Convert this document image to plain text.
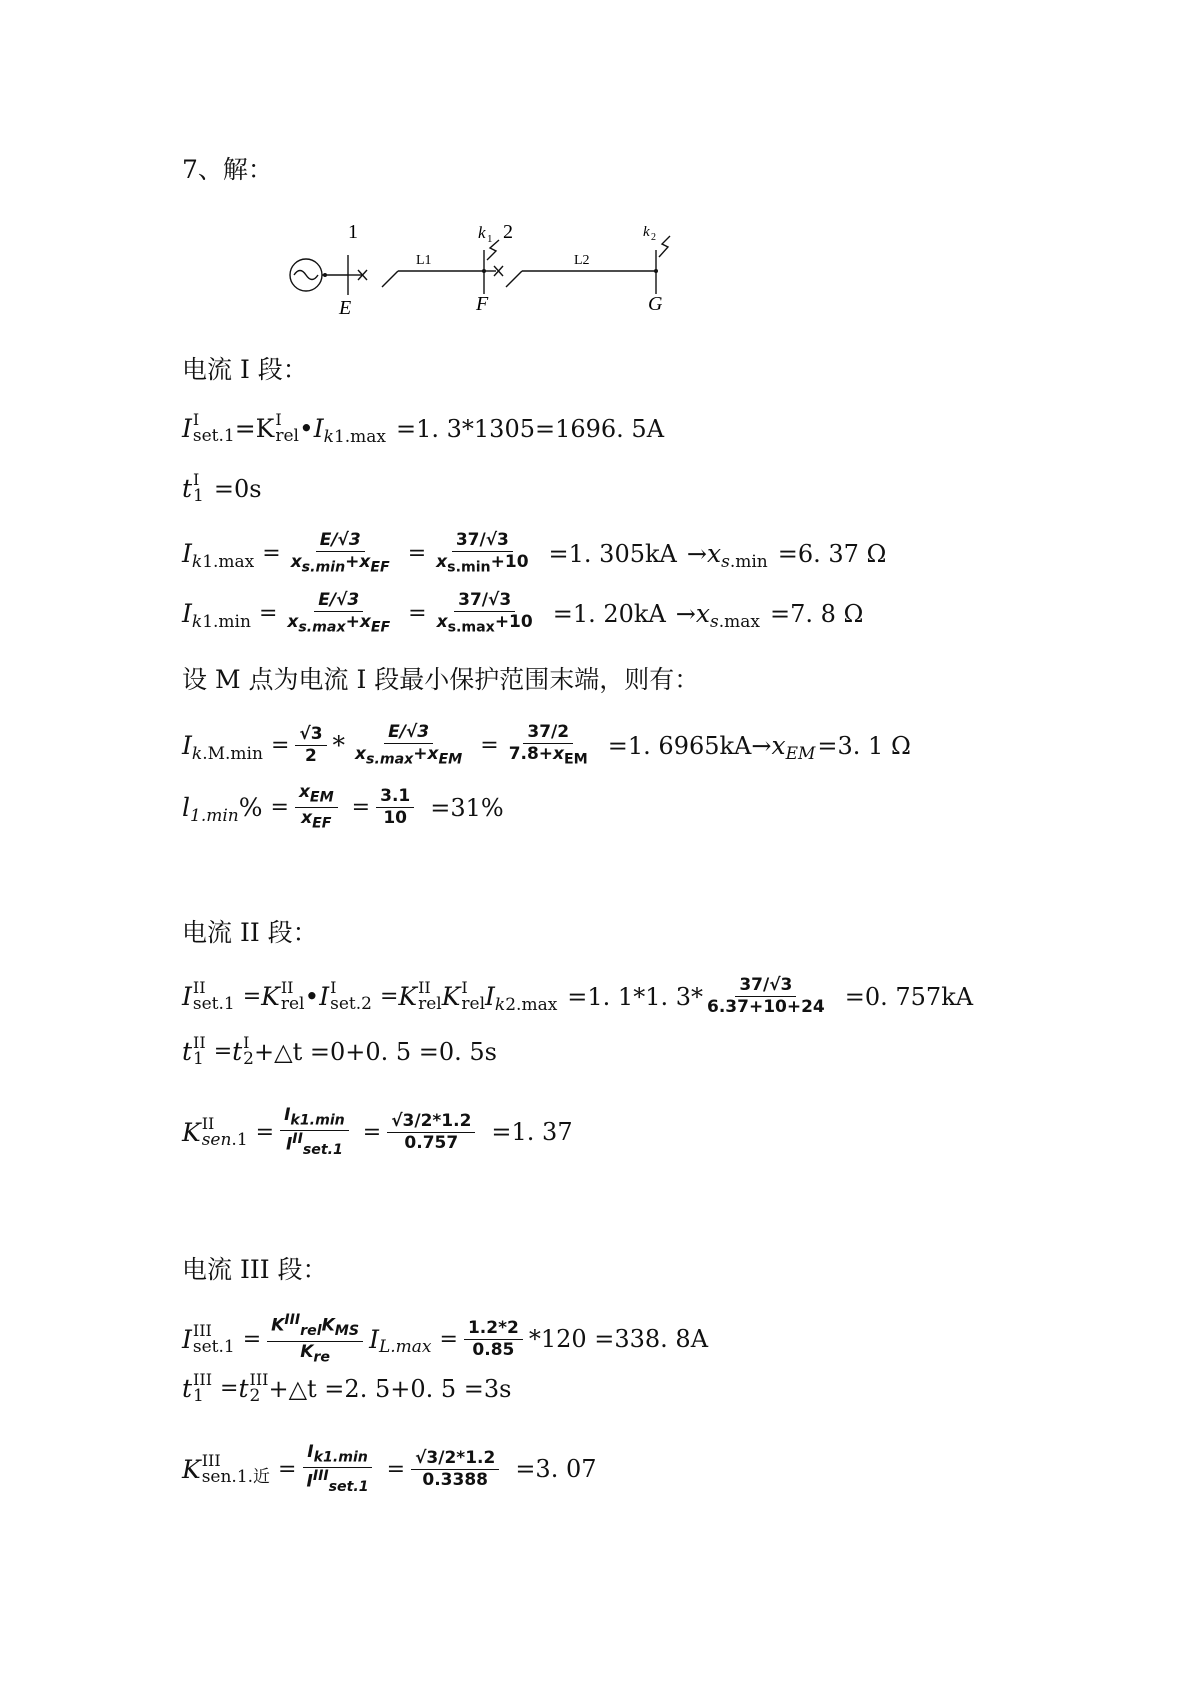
7、解：
1	2
k 1	k 2
L1	L2
E	F	G
电流 I 段：
I I
set.1 =K I
rel • I k1.max =1. 3*1305=1696. 5A
t I
1 =0s
I $k1.\max = \frac{E/√3}{x_{s.min}+x_{EF}} = \frac{37/√3}{x_{s.min}+10} =1$. 305kA → x s.min =6. 37 Ω
I $k1.\min = \frac{E/√3}{x_{s.max}+x_{EF}} = \frac{37/√3}{x_{s.max}+10} =1$. 20kA → x s.max =7. 8 Ω
设 M 点为电流 I 段最小保护范围末端，则有：
I $k.M.\min = \frac{√3}{2} * \frac{E/√3}{x_{s.max}+x_{EM}} = \frac{37/2}{7.8+x_{EM}} =1$. 6965kA→ x EM =3. 1 Ω
l 1.min % = $\frac{x_{EM}}{x_{EF}} = \frac{3.1}{10} =31\%$
电流 II 段：
I II
set.1 = K II
rel • I I
set.2 = K II
rel K I
rel I k2.max =1. 1*1. $3* \frac{37/√3}{6.37+10+24} =0$. 757kA
t II
1 = t I
2 +△t =0+0. 5 =0. 5s
K II
$sen.1 = \frac{I_{k1.min}}{I^{II}_{set.1}} = \frac{√3/2*1.2}{0.757} =1$. 37
电流 III 段：
I III
$set.1 = \frac{K^{III}_{rel}K_{MS}}{K_{re}}$ I $L.\max = \frac{1.2*2}{0.85} *120 =338$. 8A
t III
1 = t III
2 +△t =2. 5+0. 5 =3s
K III
sen.1.近 = $\frac{I_{k1.min}}{I^{III}_{set.1}} = \frac{√3/2*1.2}{0.3388} =3$. 07
